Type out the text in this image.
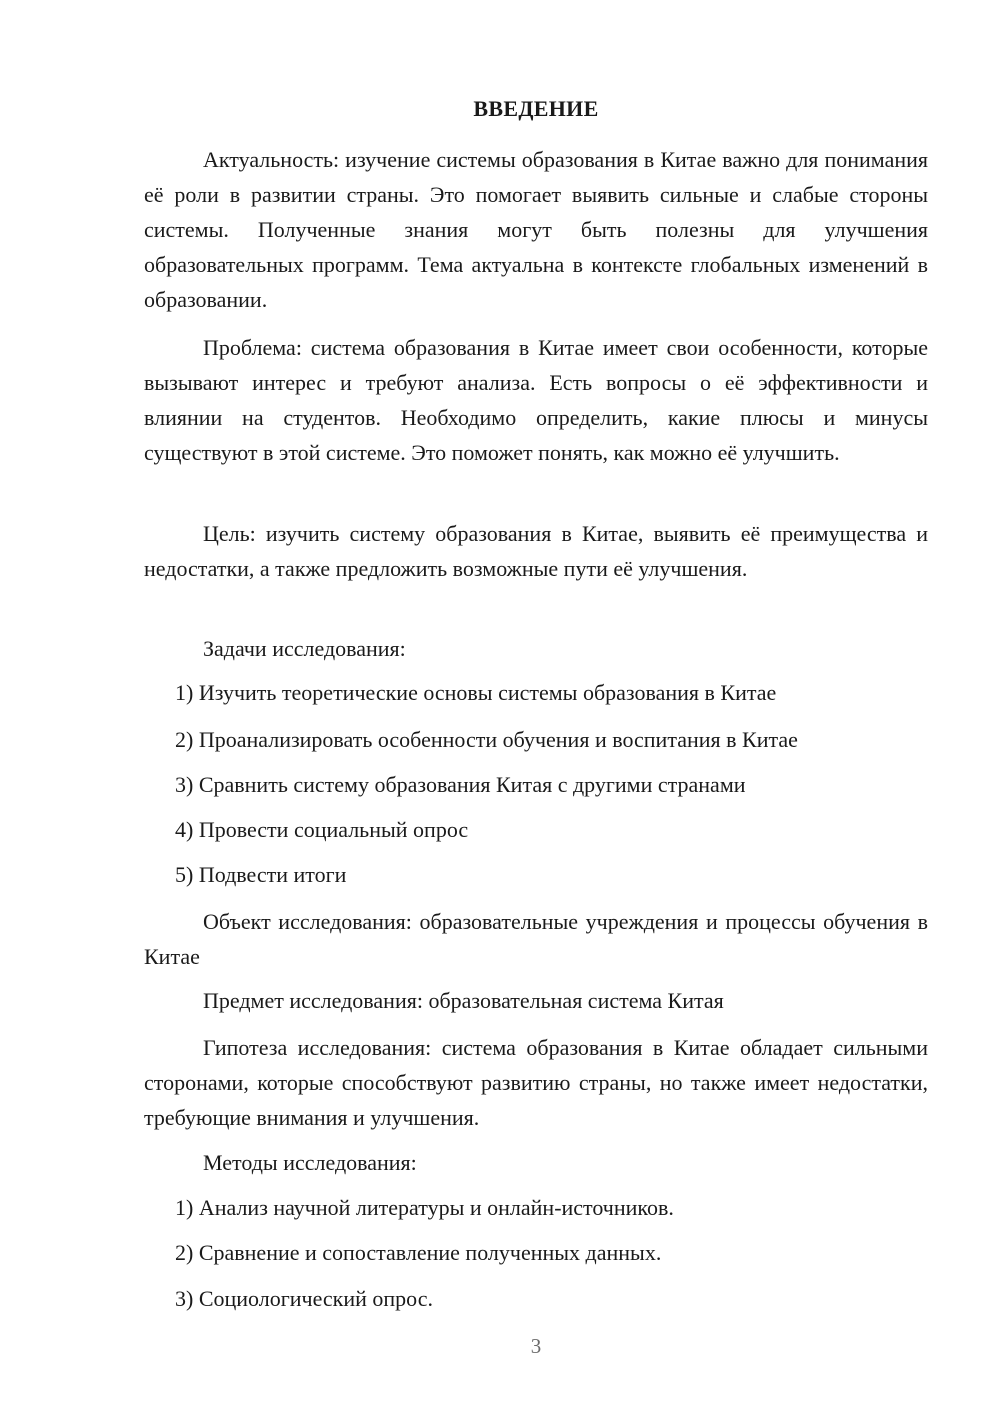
ВВЕДЕНИЕ

Актуальность: изучение системы образования в Китае важно для понимания её роли в развитии страны. Это помогает выявить сильные и слабые стороны системы. Полученные знания могут быть полезны для улучшения образовательных программ. Тема актуальна в контексте глобальных изменений в образовании.

Проблема: система образования в Китае имеет свои особенности, которые вызывают интерес и требуют анализа. Есть вопросы о её эффективности и влиянии на студентов. Необходимо определить, какие плюсы и минусы существуют в этой системе. Это поможет понять, как можно её улучшить.

Цель: изучить систему образования в Китае, выявить её преимущества и недостатки, а также предложить возможные пути её улучшения.

Задачи исследования:

1) Изучить теоретические основы системы образования в Китае

2) Проанализировать особенности обучения и воспитания в Китае

3) Сравнить систему образования Китая с другими странами

4) Провести социальный опрос

5) Подвести итоги

Объект исследования: образовательные учреждения и процессы обучения в Китае

Предмет исследования: образовательная система Китая

Гипотеза исследования: система образования в Китае обладает сильными сторонами, которые способствуют развитию страны, но также имеет недостатки, требующие внимания и улучшения.

Методы исследования:

1) Анализ научной литературы и онлайн-источников.

2) Сравнение и сопоставление полученных данных.

3) Социологический опрос.

3
